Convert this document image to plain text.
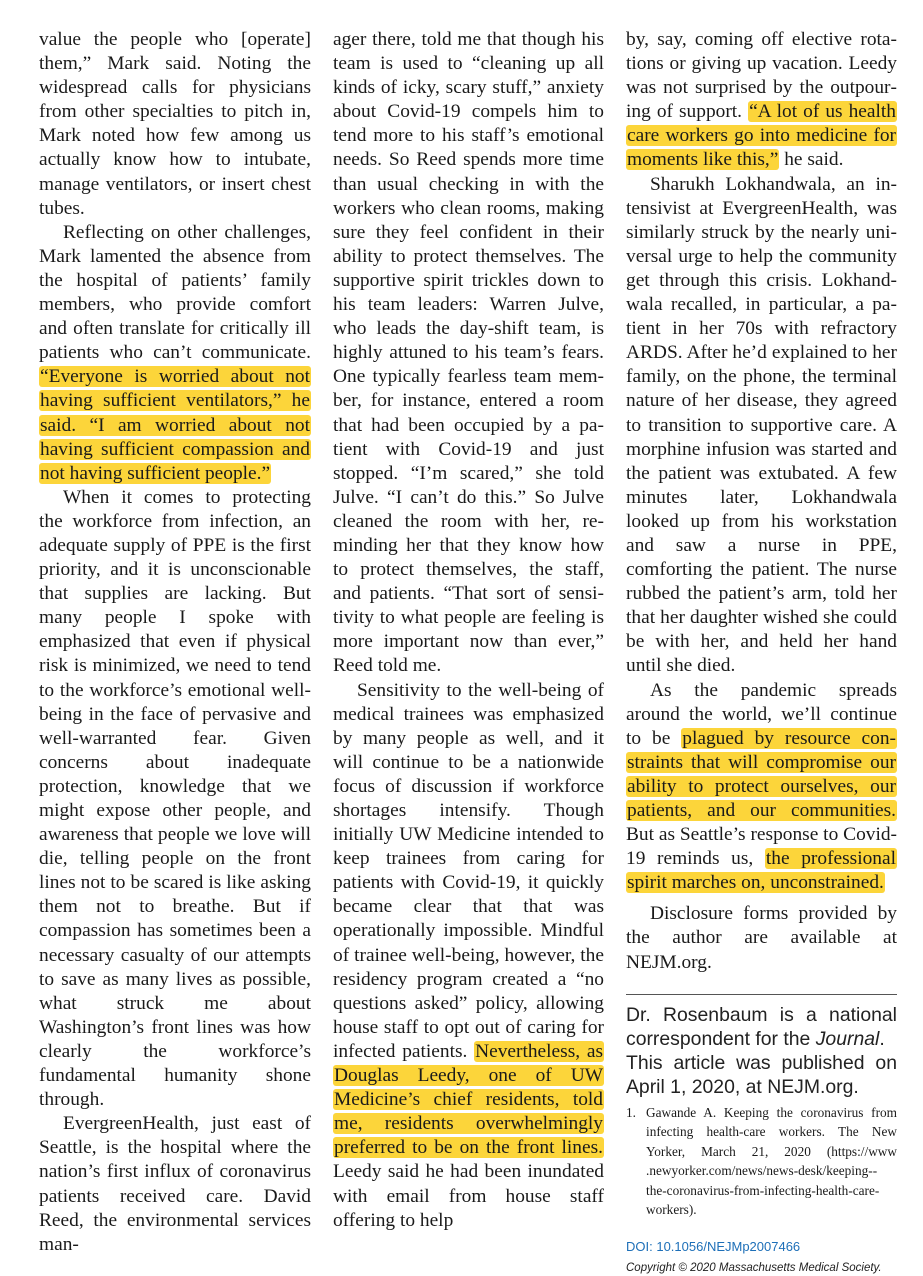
value the people who [operate] them,” Mark said. Noting the widespread calls for physicians from other specialties to pitch in, Mark noted how few among us actually know how to intubate, manage ventilators, or insert chest tubes.

Reflecting on other challenges, Mark lamented the absence from the hospital of patients’ family members, who provide comfort and often translate for critically ill patients who can’t communicate. “Everyone is worried about not having sufficient ventilators,” he said. “I am worried about not having sufficient compassion and not having sufficient people.”

When it comes to protecting the workforce from infection, an adequate supply of PPE is the first priority, and it is unconscionable that supplies are lacking. But many people I spoke with emphasized that even if physical risk is minimized, we need to tend to the workforce’s emotional well-being in the face of pervasive and well-warranted fear. Given concerns about inadequate protection, knowledge that we might expose other people, and awareness that people we love will die, telling people on the front lines not to be scared is like asking them not to breathe. But if compassion has sometimes been a necessary casualty of our attempts to save as many lives as possible, what struck me about Washington’s front lines was how clearly the workforce’s fundamental humanity shone through.

EvergreenHealth, just east of Seattle, is the hospital where the nation’s first influx of coronavirus patients received care. David Reed, the environmental services man-

ager there, told me that though his team is used to “cleaning up all kinds of icky, scary stuff,” anxiety about Covid-19 compels him to tend more to his staff’s emotional needs. So Reed spends more time than usual checking in with the workers who clean rooms, making sure they feel confident in their ability to protect themselves. The supportive spirit trickles down to his team leaders: Warren Julve, who leads the day-shift team, is highly attuned to his team’s fears. One typically fearless team member, for instance, entered a room that had been occupied by a patient with Covid-19 and just stopped. “I’m scared,” she told Julve. “I can’t do this.” So Julve cleaned the room with her, reminding her that they know how to protect themselves, the staff, and patients. “That sort of sensitivity to what people are feeling is more important now than ever,” Reed told me.

Sensitivity to the well-being of medical trainees was emphasized by many people as well, and it will continue to be a nationwide focus of discussion if workforce shortages intensify. Though initially UW Medicine intended to keep trainees from caring for patients with Covid-19, it quickly became clear that that was operationally impossible. Mindful of trainee well-being, however, the residency program created a “no questions asked” policy, allowing house staff to opt out of caring for infected patients. Nevertheless, as Douglas Leedy, one of UW Medicine’s chief residents, told me, residents overwhelmingly preferred to be on the front lines. Leedy said he had been inundated with email from house staff offering to help

by, say, coming off elective rotations or giving up vacation. Leedy was not surprised by the outpouring of support. “A lot of us health care workers go into medicine for moments like this,” he said.

Sharukh Lokhandwala, an intensivist at EvergreenHealth, was similarly struck by the nearly universal urge to help the community get through this crisis. Lokhandwala recalled, in particular, a patient in her 70s with refractory ARDS. After he’d explained to her family, on the phone, the terminal nature of her disease, they agreed to transition to supportive care. A morphine infusion was started and the patient was extubated. A few minutes later, Lokhandwala looked up from his workstation and saw a nurse in PPE, comforting the patient. The nurse rubbed the patient’s arm, told her that her daughter wished she could be with her, and held her hand until she died.

As the pandemic spreads around the world, we’ll continue to be plagued by resource constraints that will compromise our ability to protect ourselves, our patients, and our communities. But as Seattle’s response to Covid-19 reminds us, the professional spirit marches on, unconstrained.

Disclosure forms provided by the author are available at NEJM.org.

Dr. Rosenbaum is a national correspondent for the Journal.

This article was published on April 1, 2020, at NEJM.org.

1. Gawande A. Keeping the coronavirus from infecting health-care workers. The New Yorker, March 21, 2020 (https://www​.newyorker.com/news/news-desk/keeping-​-the-coronavirus-from-infecting-health-care​-workers).
DOI: 10.1056/NEJMp2007466
Copyright © 2020 Massachusetts Medical Society.
